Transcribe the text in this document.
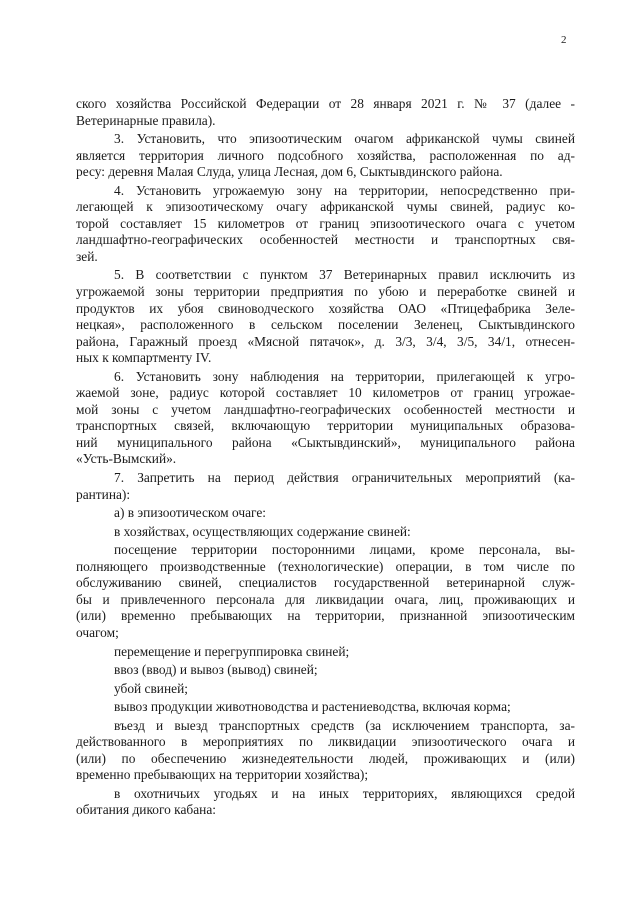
2

ского хозяйства Российской Федерации от 28 января 2021 г. № 37 (далее -

Ветеринарные правила).

3. Установить, что эпизоотическим очагом африканской чумы свиней

является территория личного подсобного хозяйства, расположенная по ад-

ресу: деревня Малая Слуда, улица Лесная, дом 6, Сыктывдинского района.

4. Установить угрожаемую зону на территории, непосредственно при-

легающей к эпизоотическому очагу африканской чумы свиней, радиус ко-

торой составляет 15 километров от границ эпизоотического очага с учетом

ландшафтно-географических особенностей местности и транспортных свя-

зей.

5. В соответствии с пунктом 37 Ветеринарных правил исключить из

угрожаемой зоны территории предприятия по убою и переработке свиней и

продуктов их убоя свиноводческого хозяйства ОАО «Птицефабрика Зеле-

нецкая», расположенного в сельском поселении Зеленец, Сыктывдинского

района, Гаражный проезд «Мясной пятачок», д. 3/3, 3/4, 3/5, 34/1, отнесен-

ных к компартменту IV.

6. Установить зону наблюдения на территории, прилегающей к угро-

жаемой зоне, радиус которой составляет 10 километров от границ угрожае-

мой зоны с учетом ландшафтно-географических особенностей местности и

транспортных связей, включающую территории муниципальных образова-

ний муниципального района «Сыктывдинский», муниципального района

«Усть-Вымский».

7. Запретить на период действия ограничительных мероприятий (ка-

рантина):

а) в эпизоотическом очаге:

в хозяйствах, осуществляющих содержание свиней:

посещение территории посторонними лицами, кроме персонала, вы-

полняющего производственные (технологические) операции, в том числе по

обслуживанию свиней, специалистов государственной ветеринарной служ-

бы и привлеченного персонала для ликвидации очага, лиц, проживающих и

(или) временно пребывающих на территории, признанной эпизоотическим

очагом;

перемещение и перегруппировка свиней;

ввоз (ввод) и вывоз (вывод) свиней;

убой свиней;

вывоз продукции животноводства и растениеводства, включая корма;

въезд и выезд транспортных средств (за исключением транспорта, за-

действованного в мероприятиях по ликвидации эпизоотического очага и

(или) по обеспечению жизнедеятельности людей, проживающих и (или)

временно пребывающих на территории хозяйства);

в охотничьих угодьях и на иных территориях, являющихся средой

обитания дикого кабана:
